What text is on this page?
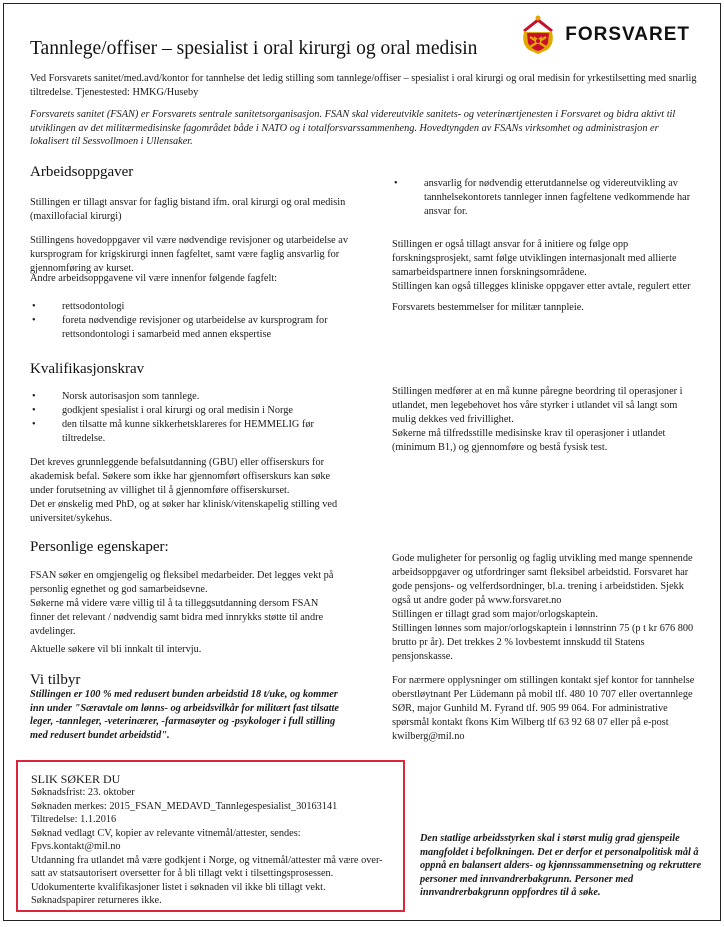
FORSVARET
Tannlege/offiser – spesialist i oral kirurgi og oral medisin

Ved Forsvarets sanitet/med.avd/kontor for tannhelse det ledig stilling som tannlege/offiser – spesialist i oral kirurgi og oral medisin for yrkestilsetting med snarlig tiltredelse. Tjenestested: HMKG/Huseby

Forsvarets sanitet (FSAN) er Forsvarets sentrale sanitetsorganisasjon. FSAN skal videreutvikle sanitets- og veterinærtjenesten i Forsvaret og bidra aktivt til utviklingen av det militærmedisinske fagområdet både i NATO og i totalforsvarssammenheng. Hovedtyngden av FSANs virksomhet og administrasjon er lokalisert til Sessvollmoen i Ullensaker.

Arbeidsoppgaver

Stillingen er tillagt ansvar for faglig bistand ifm. oral kirurgi og oral medisin (maxillofacial kirurgi)

Stillingens hovedoppgaver vil være nødvendige revisjoner og utarbeidelse av kursprogram for krigskirurgi innen fagfeltet, samt være faglig ansvarlig for gjennomføring av kurset.

Andre arbeidsoppgavene vil være innenfor følgende fagfelt:

• rettsodontologi
• foreta nødvendige revisjoner og utarbeidelse av kursprogram for rettsondontologi i samarbeid med annen ekspertise
• ansvarlig for nødvendig etterutdannelse og videreutvikling av tannhelsekontorets tannleger innen fagfeltene vedkommende har ansvar for.

Stillingen er også tillagt ansvar for å initiere og følge opp forskningsprosjekt, samt følge utviklingen internasjonalt med allierte samarbeidspartnere innen forskningsområdene.

Stillingen kan også tillegges kliniske oppgaver etter avtale, regulert etter

Forsvarets bestemmelser for militær tannpleie.

Kvalifikasjonskrav
• Norsk autorisasjon som tannlege.
• godkjent spesialist i oral kirurgi og oral medisin i Norge
• den tilsatte må kunne sikkerhetsklareres for HEMMELIG før tiltredelse.

Det kreves grunnleggende befalsutdanning (GBU) eller offiserskurs for akademisk befal. Søkere som ikke har gjennomført offiserskurs kan søke under forutsetning av villighet til å gjennomføre offiserskurset.

Det er ønskelig med PhD, og at søker har klinisk/vitenskapelig stilling ved universitet/sykehus.

Stillingen medfører at en må kunne påregne beordring til operasjoner i utlandet, men legebehovet hos våre styrker i utlandet vil så langt som mulig dekkes ved frivillighet.

Søkerne må tilfredsstille medisinske krav til operasjoner i utlandet (minimum B1,) og gjennomføre og bestå fysisk test.

Personlige egenskaper:

FSAN søker en omgjengelig og fleksibel medarbeider. Det legges vekt på personlig egnethet og god samarbeidsevne.

Søkerne må videre være villig til å ta tilleggsutdanning dersom FSAN finner det relevant / nødvendig samt bidra med innrykks støtte til andre avdelinger.

Aktuelle søkere vil bli innkalt til intervju.

Gode muligheter for personlig og faglig utvikling med mange spennende arbeidsoppgaver og utfordringer samt fleksibel arbeidstid. Forsvaret har gode pensjons- og velferdsordninger, bl.a. trening i arbeidstiden. Sjekk også ut andre goder på www.forsvaret.no

Stillingen er tillagt grad som major/orlogskaptein.

Stillingen lønnes som major/orlogskaptein i lønnstrinn 75 (p t kr 676 800 brutto pr år). Det trekkes 2 % lovbestemt innskudd til Statens pensjonskasse.

Vi tilbyr

Stillingen er 100 % med redusert bunden arbeidstid 18 t/uke, og kommer inn under "Særavtale om lønns- og arbeidsvilkår for militært fast tilsatte leger, -tannleger, -veterinærer, -farmasøyter og -psykologer i full stilling med redusert bundet arbeidstid".

For nærmere opplysninger om stillingen kontakt sjef kontor for tannhelse oberstløytnant Per Lüdemann på mobil tlf. 480 10 707 eller overtannlege SØR, major Gunhild M. Fyrand tlf. 905 99 064. For administrative spørsmål kontakt fkons Kim Wilberg tlf 63 92 68 07 eller på e-post kwilberg@mil.no

SLIK SØKER DU
Søknadsfrist: 23. oktober
Søknaden merkes: 2015_FSAN_MEDAVD_Tannlegespesialist_30163141
Tiltredelse: 1.1.2016
Søknad vedlagt CV, kopier av relevante vitnemål/attester, sendes:
Fpvs.kontakt@mil.no
Utdanning fra utlandet må være godkjent i Norge, og vitnemål/attester må være over-
satt av statsautorisert oversetter for å bli tillagt vekt i tilsettingsprosessen.
Udokumenterte kvalifikasjoner listet i søknaden vil ikke bli tillagt vekt.
Søknadspapirer returneres ikke.

Den statlige arbeidsstyrken skal i størst mulig grad gjenspeile mangfoldet i befolkningen. Det er derfor et personalpolitisk mål å oppnå en balansert alders- og kjønnssammensetning og rekruttere personer med innvandrerbakgrunn. Personer med innvandrerbakgrunn oppfordres til å søke.
